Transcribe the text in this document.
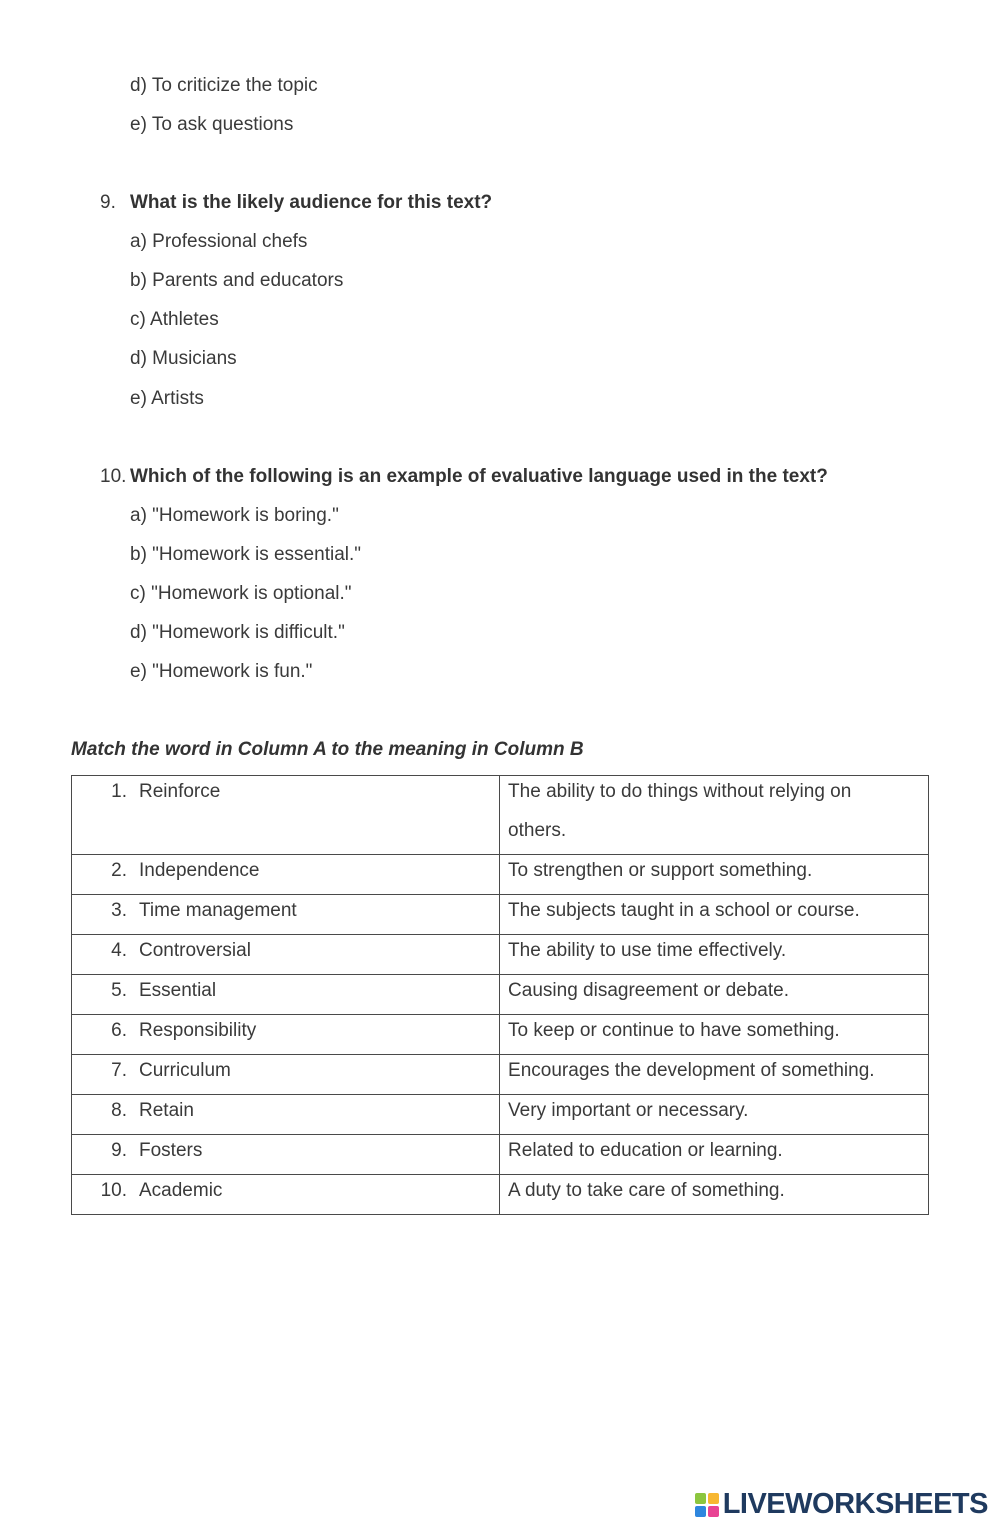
d) To criticize the topic
e) To ask questions
9. What is the likely audience for this text?
a) Professional chefs
b) Parents and educators
c) Athletes
d) Musicians
e) Artists
10. Which of the following is an example of evaluative language used in the text?
a) "Homework is boring."
b) "Homework is essential."
c) "Homework is optional."
d) "Homework is difficult."
e) "Homework is fun."
Match the word in Column A to the meaning in Column B
1. Reinforce	The ability to do things without relying on others.

2. Independence	To strengthen or support something.

3. Time management	The subjects taught in a school or course.

4. Controversial	The ability to use time effectively.

5. Essential	Causing disagreement or debate.

6. Responsibility	To keep or continue to have something.

7. Curriculum	Encourages the development of something.

8. Retain	Very important or necessary.

9. Fosters	Related to education or learning.

10. Academic	A duty to take care of something.
LIVEWORKSHEETS
